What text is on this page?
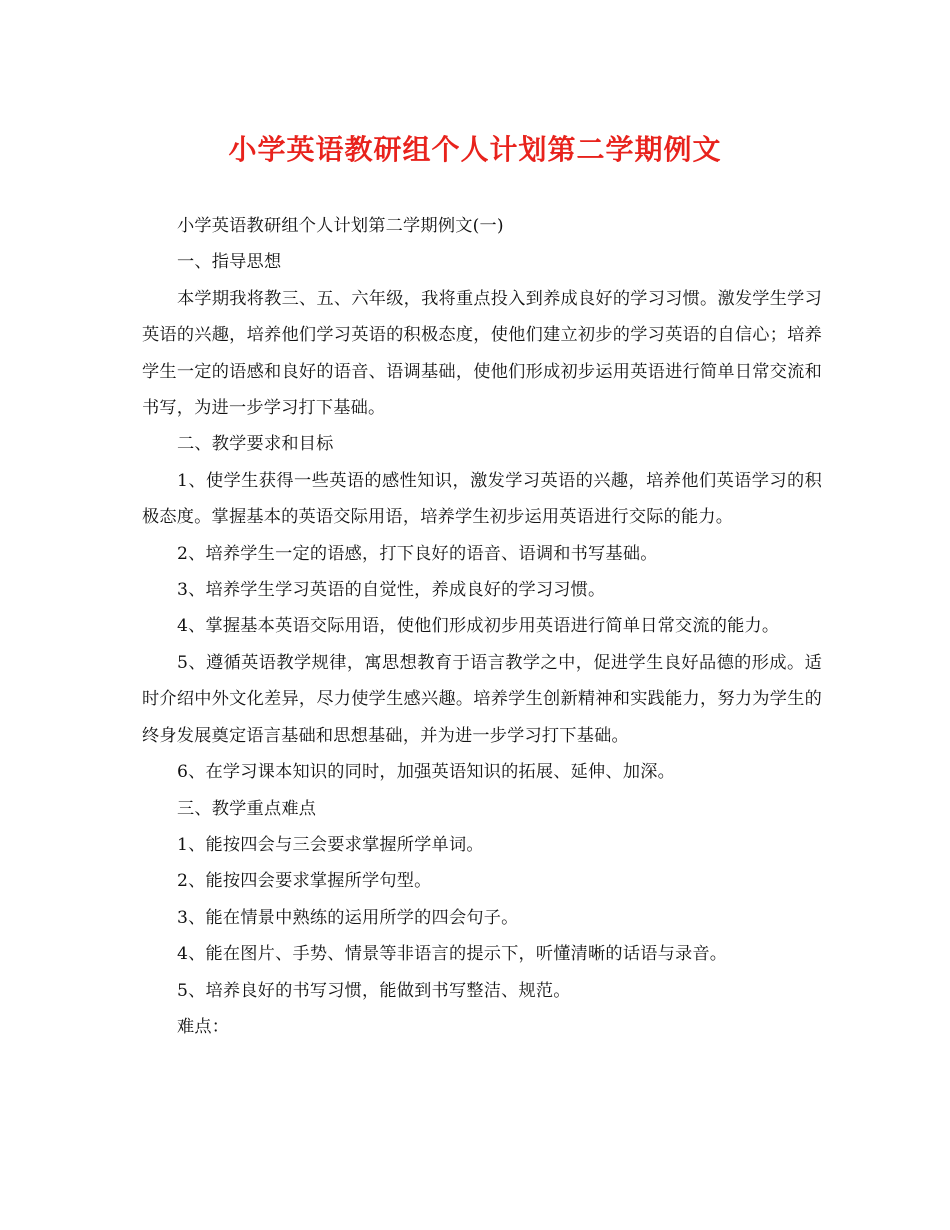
小学英语教研组个人计划第二学期例文

小学英语教研组个人计划第二学期例文(一)

一、指导思想

本学期我将教三、五、六年级，我将重点投入到养成良好的学习习惯。激发学生学习英语的兴趣，培养他们学习英语的积极态度，使他们建立初步的学习英语的自信心；培养学生一定的语感和良好的语音、语调基础，使他们形成初步运用英语进行简单日常交流和书写，为进一步学习打下基础。

二、教学要求和目标

1、使学生获得一些英语的感性知识，激发学习英语的兴趣，培养他们英语学习的积极态度。掌握基本的英语交际用语，培养学生初步运用英语进行交际的能力。

2、培养学生一定的语感，打下良好的语音、语调和书写基础。

3、培养学生学习英语的自觉性，养成良好的学习习惯。

4、掌握基本英语交际用语，使他们形成初步用英语进行简单日常交流的能力。

5、遵循英语教学规律，寓思想教育于语言教学之中，促进学生良好品德的形成。适时介绍中外文化差异，尽力使学生感兴趣。培养学生创新精神和实践能力，努力为学生的终身发展奠定语言基础和思想基础，并为进一步学习打下基础。

6、在学习课本知识的同时，加强英语知识的拓展、延伸、加深。

三、教学重点难点

1、能按四会与三会要求掌握所学单词。

2、能按四会要求掌握所学句型。

3、能在情景中熟练的运用所学的四会句子。

4、能在图片、手势、情景等非语言的提示下，听懂清晰的话语与录音。

5、培养良好的书写习惯，能做到书写整洁、规范。

难点：
